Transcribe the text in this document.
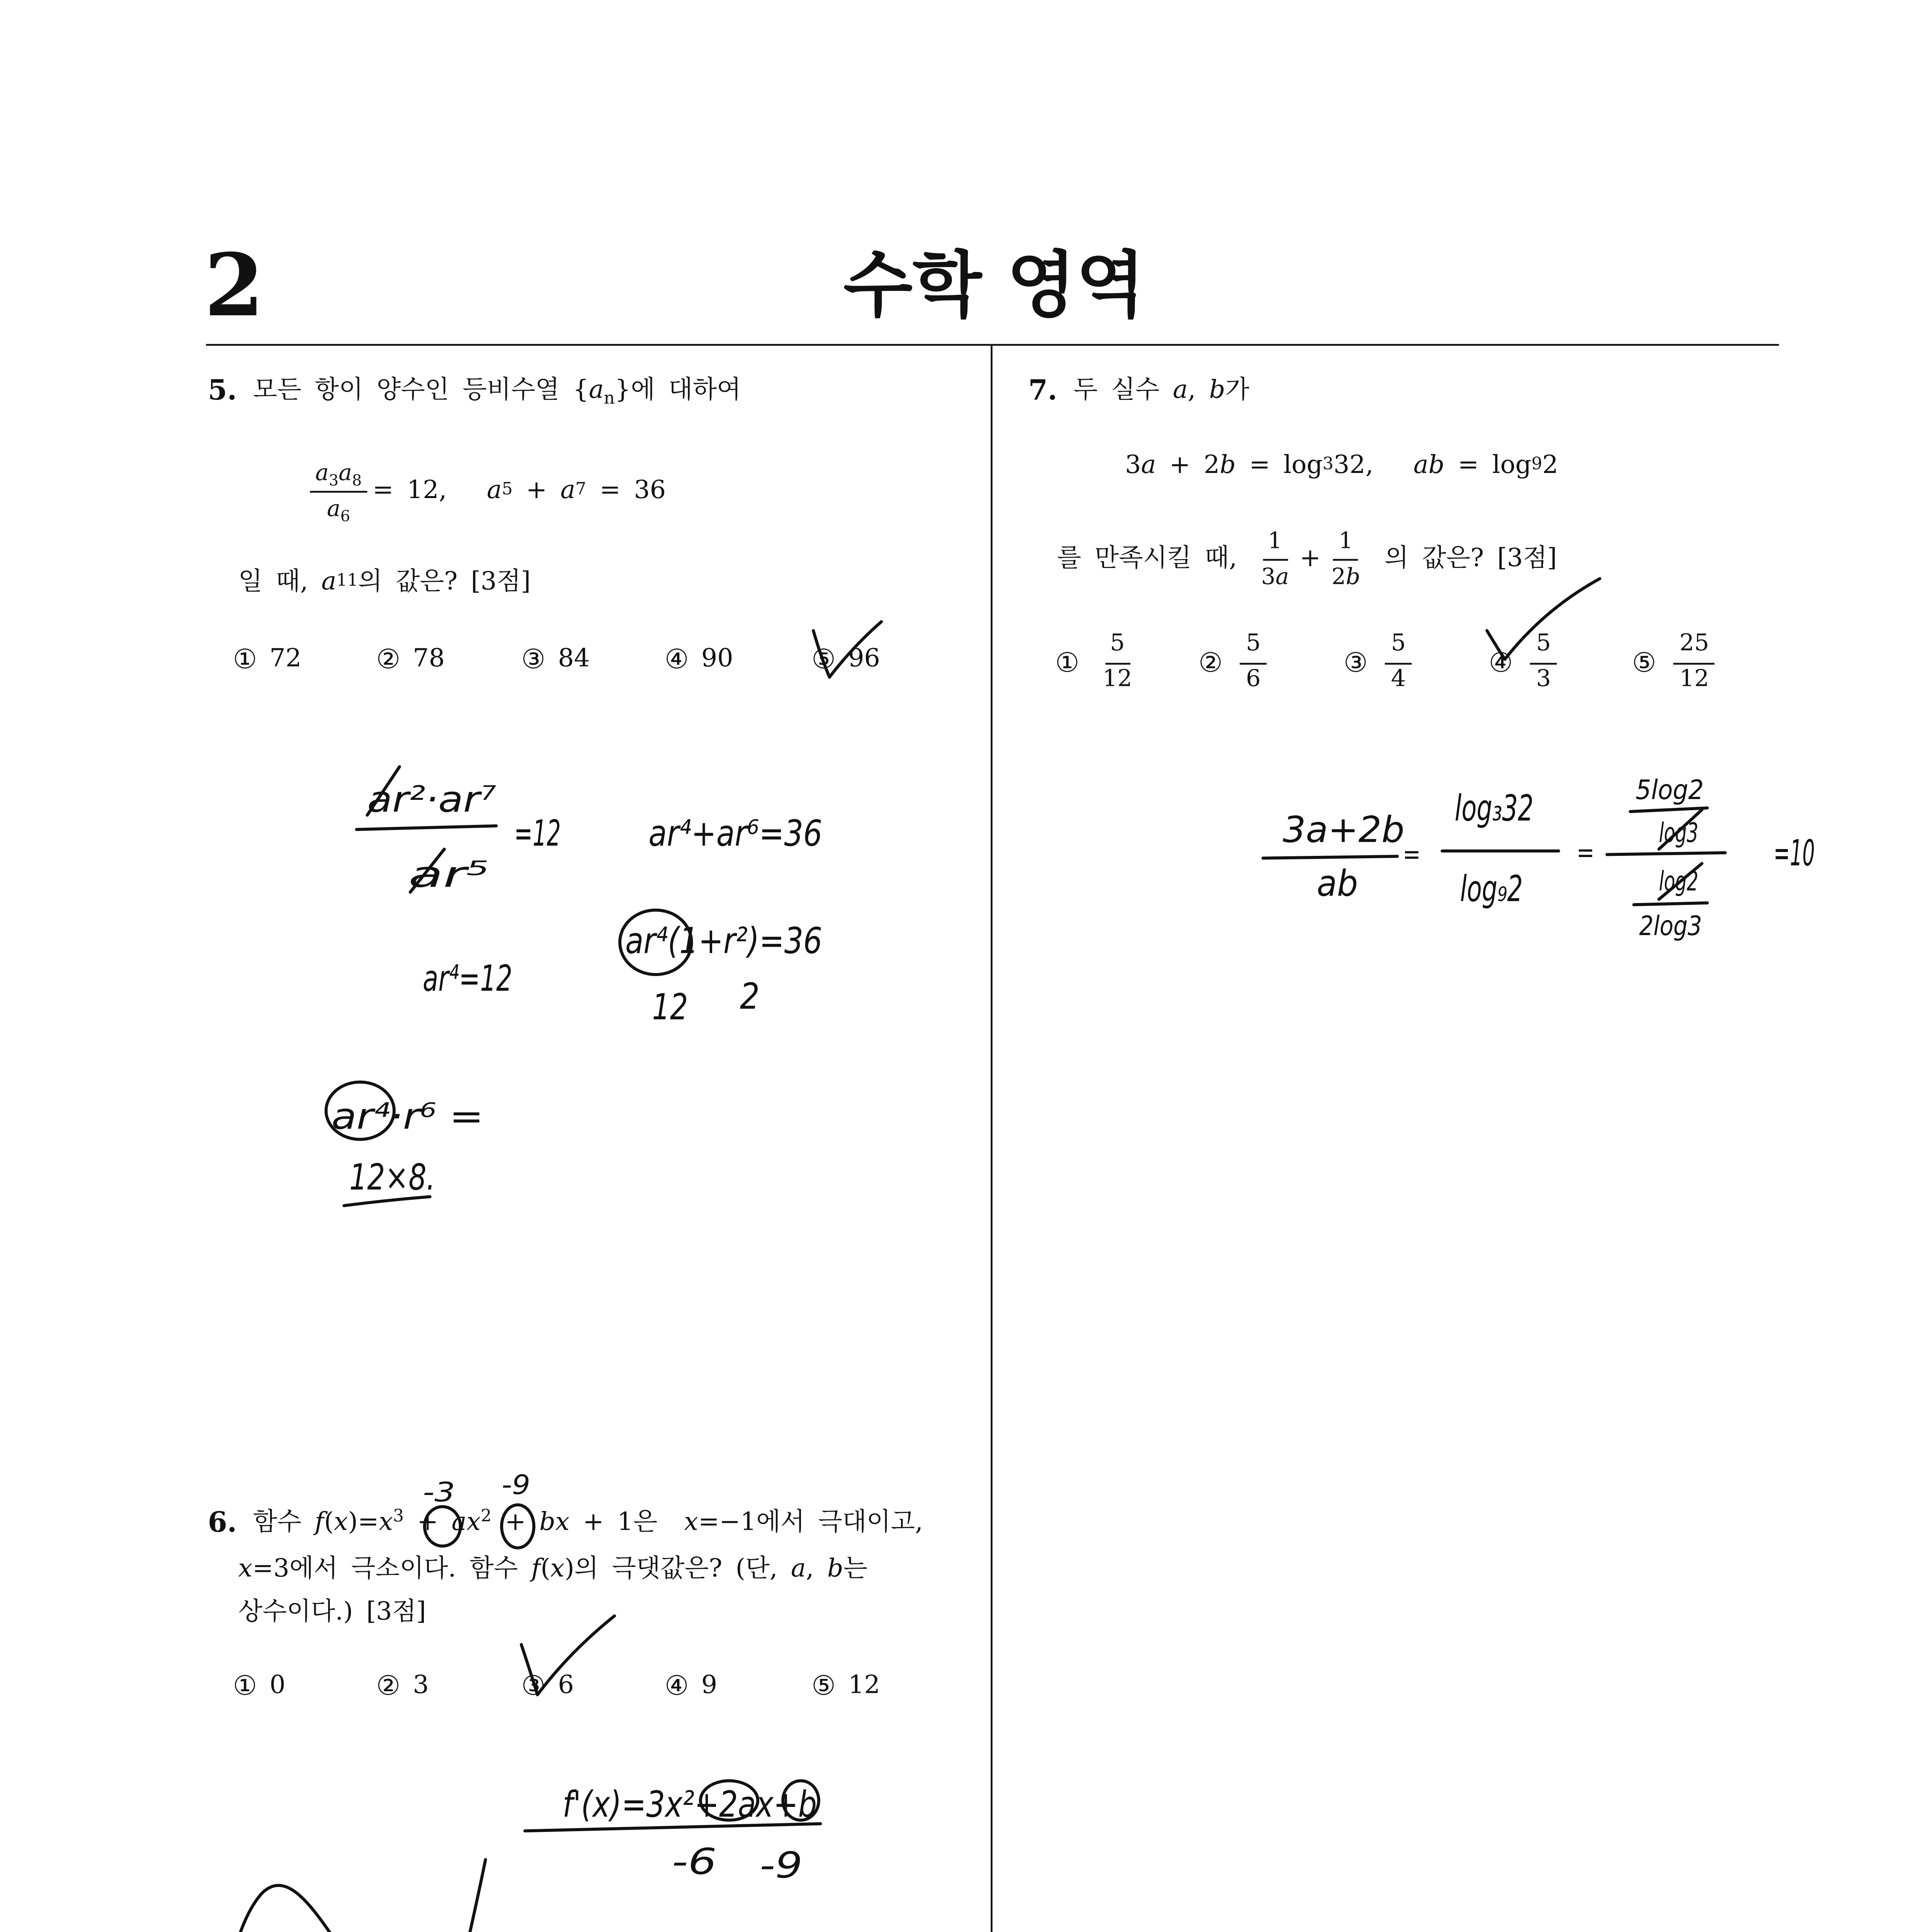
2	수학 영역
5.	모든 항이 양수인 등비수열 $\{a_n\}$에 대하여
$\frac{a_3a_8}{a_6} = 12$, a 5 + a 7 = 36
일 때, a 11 의 값은? [3점]
① 72	② 78	③ 84	④ 90	⑤ 96
6.	함수 $f(x)=x^3 + ax^2$ + bx + 1은  x=−1에서 극대이고,
x =3에서 극소이다. 함수 f ( x )의 극댓값은? (단, a , b 는
상수이다.) [3점]
① 0	② 3	③ 6	④ 9	⑤ 12
7.	두 실수 a, b가
3 a + 2 b = log 3 32, a b = log 9 2
를 만족시킬 때, $\frac{1}{3a} + \frac{1}{2b}$ 의 값은? [3점]
①	$\frac{5}{12}$	②	$\frac{5}{6}$	③	$\frac{5}{4}$	④	$\frac{5}{3}$	⑤	$\frac{25}{12}$
ar²·ar⁷
ar⁵
=12	ar⁴+ar⁶=36
ar⁴=12
ar⁴(1+r²)=36
12	2
ar⁴·r⁶ =
12×8.
-3	-9
f'(x)=3x²+2ax+b
-6	-9
3a+2b
ab
=
log₃32
log₉2
=
5log2
log3
log2
2log3
=10
